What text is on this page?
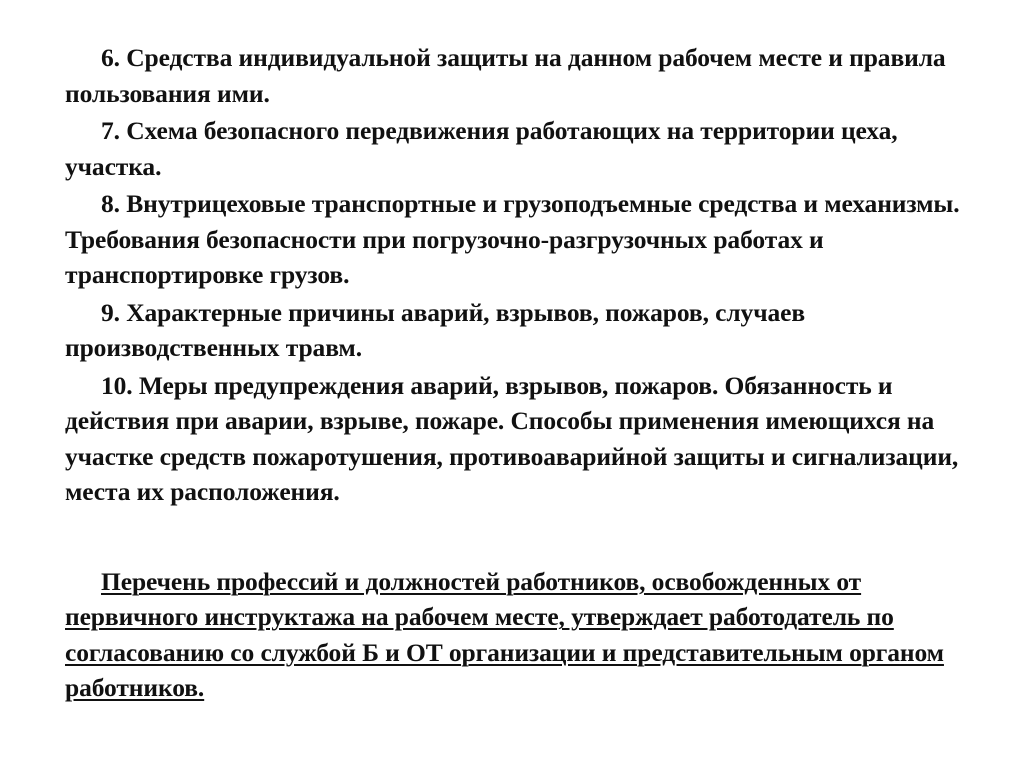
6. Средства индивидуальной защиты на данном рабочем месте и правила пользования ими.

7. Схема безопасного передвижения работающих на территории цеха, участка.

8. Внутрицеховые транспортные и грузоподъемные средства и механизмы. Требования безопасности при погрузочно-разгрузочных работах и транспортировке грузов.

9. Характерные причины аварий, взрывов, пожаров, случаев производственных травм.

10. Меры предупреждения аварий, взрывов, пожаров. Обязанность и действия при аварии, взрыве, пожаре. Способы применения имеющихся на участке средств пожаротушения, противоаварийной защиты и сигнализации, места их расположения.

Перечень профессий и должностей работников, освобожденных от первичного инструктажа на рабочем месте, утверждает работодатель по согласованию со службой Б и ОТ организации и представительным органом работников.
